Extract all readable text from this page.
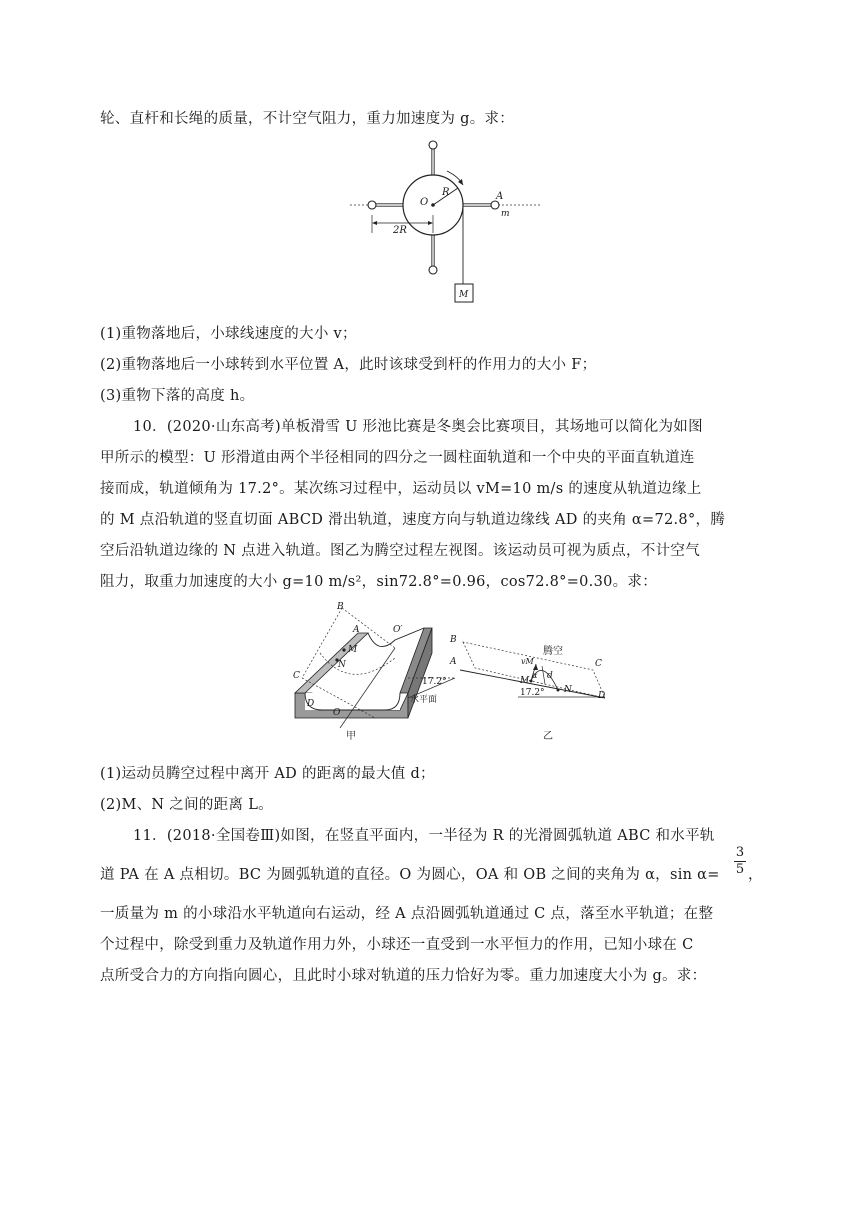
轮、直杆和长绳的质量，不计空气阻力，重力加速度为 g。求：
O
R	A
m
2R
M
(1)重物落地后，小球线速度的大小 v；
(2)重物落地后一小球转到水平位置 A，此时该球受到杆的作用力的大小 F；
(3)重物下落的高度 h。
10．(2020·山东高考)单板滑雪 U 形池比赛是冬奥会比赛项目，其场地可以简化为如图
甲所示的模型：U 形滑道由两个半径相同的四分之一圆柱面轨道和一个中央的平面直轨道连
接而成，轨道倾角为 17.2°。某次练习过程中，运动员以 vM=10 m/s 的速度从轨道边缘上
的 M 点沿轨道的竖直切面 ABCD 滑出轨道，速度方向与轨道边缘线 AD 的夹角 α=72.8°，腾
空后沿轨道边缘的 N 点进入轨道。图乙为腾空过程左视图。该运动员可视为质点，不计空气
阻力，取重力加速度的大小 g=10 m/s²，sin72.8°=0.96，cos72.8°=0.30。求：
B
A	O′
M
N
C
D
O
17.2°
水平面
甲
B
A	C
D
M
N
α d
vM
腾空
17.2°
乙
(1)运动员腾空过程中离开 AD 的距离的最大值 d；
(2)M、N 之间的距离 L。
11．(2018·全国卷Ⅲ)如图，在竖直平面内，一半径为 R 的光滑圆弧轨道 ABC 和水平轨
道 PA 在 A 点相切。BC 为圆弧轨道的直径。O 为圆心，OA 和 OB 之间的夹角为 α，$\sin \alpha= \frac{3}{5}$ ，
一质量为 m 的小球沿水平轨道向右运动，经 A 点沿圆弧轨道通过 C 点，落至水平轨道；在整
个过程中，除受到重力及轨道作用力外，小球还一直受到一水平恒力的作用，已知小球在 C
点所受合力的方向指向圆心，且此时小球对轨道的压力恰好为零。重力加速度大小为 g。求：
